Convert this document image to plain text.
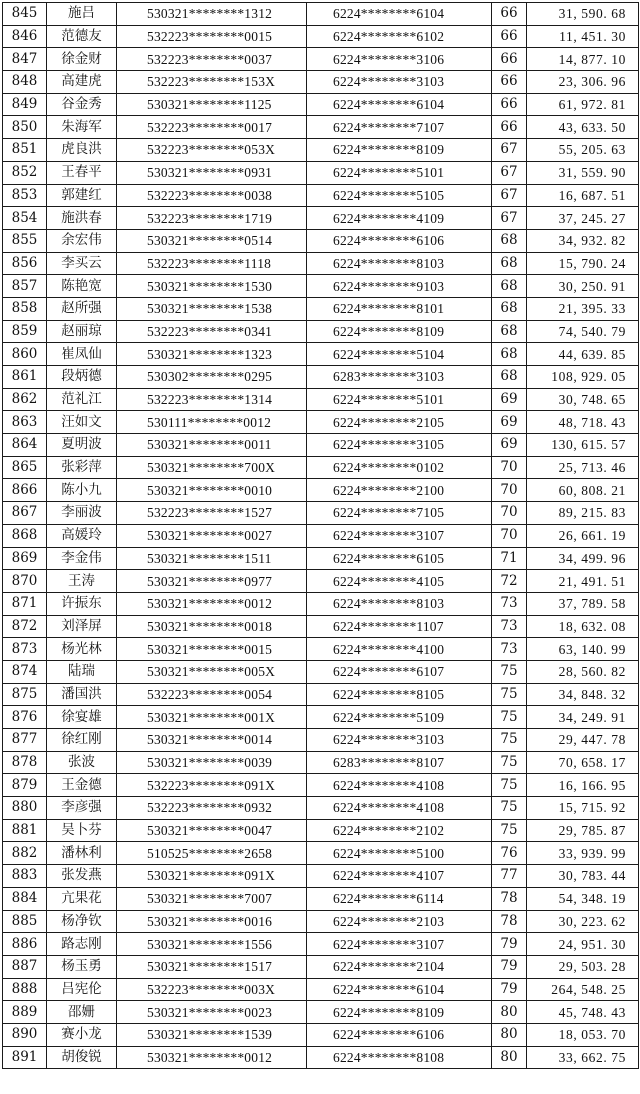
845	施吕	530321********1312	6224********6104	66	31, 590. 68
846	范德友	532223********0015	6224********6102	66	11, 451. 30
847	徐金财	532223********0037	6224********3106	66	14, 877. 10
848	高建虎	532223********153X	6224********3103	66	23, 306. 96
849	谷金秀	530321********1125	6224********6104	66	61, 972. 81
850	朱海军	532223********0017	6224********7107	66	43, 633. 50
851	虎良洪	532223********053X	6224********8109	67	55, 205. 63
852	王春平	530321********0931	6224********5101	67	31, 559. 90
853	郭建红	532223********0038	6224********5105	67	16, 687. 51
854	施洪春	532223********1719	6224********4109	67	37, 245. 27
855	余宏伟	530321********0514	6224********6106	68	34, 932. 82
856	李买云	532223********1118	6224********8103	68	15, 790. 24
857	陈艳宽	530321********1530	6224********9103	68	30, 250. 91
858	赵所强	530321********1538	6224********8101	68	21, 395. 33
859	赵丽琼	532223********0341	6224********8109	68	74, 540. 79
860	崔凤仙	530321********1323	6224********5104	68	44, 639. 85
861	段炳德	530302********0295	6283********3103	68	108, 929. 05
862	范礼江	532223********1314	6224********5101	69	30, 748. 65
863	汪如文	530111********0012	6224********2105	69	48, 718. 43
864	夏明波	530321********0011	6224********3105	69	130, 615. 57
865	张彩萍	530321********700X	6224********0102	70	25, 713. 46
866	陈小九	530321********0010	6224********2100	70	60, 808. 21
867	李丽波	532223********1527	6224********7105	70	89, 215. 83
868	高媛玲	530321********0027	6224********3107	70	26, 661. 19
869	李金伟	530321********1511	6224********6105	71	34, 499. 96
870	王涛	530321********0977	6224********4105	72	21, 491. 51
871	许振东	530321********0012	6224********8103	73	37, 789. 58
872	刘泽屏	530321********0018	6224********1107	73	18, 632. 08
873	杨光林	530321********0015	6224********4100	73	63, 140. 99
874	陆瑞	530321********005X	6224********6107	75	28, 560. 82
875	潘国洪	532223********0054	6224********8105	75	34, 848. 32
876	徐宴雄	530321********001X	6224********5109	75	34, 249. 91
877	徐红刚	530321********0014	6224********3103	75	29, 447. 78
878	张波	530321********0039	6283********8107	75	70, 658. 17
879	王金德	532223********091X	6224********4108	75	16, 166. 95
880	李彦强	532223********0932	6224********4108	75	15, 715. 92
881	吴卜芬	530321********0047	6224********2102	75	29, 785. 87
882	潘林利	510525********2658	6224********5100	76	33, 939. 99
883	张发燕	530321********091X	6224********4107	77	30, 783. 44
884	亢果花	530321********7007	6224********6114	78	54, 348. 19
885	杨净钦	530321********0016	6224********2103	78	30, 223. 62
886	路志刚	530321********1556	6224********3107	79	24, 951. 30
887	杨玉勇	530321********1517	6224********2104	79	29, 503. 28
888	吕宪伦	532223********003X	6224********6104	79	264, 548. 25
889	邵姗	530321********0023	6224********8109	80	45, 748. 43
890	赛小龙	530321********1539	6224********6106	80	18, 053. 70
891	胡俊锐	530321********0012	6224********8108	80	33, 662. 75
